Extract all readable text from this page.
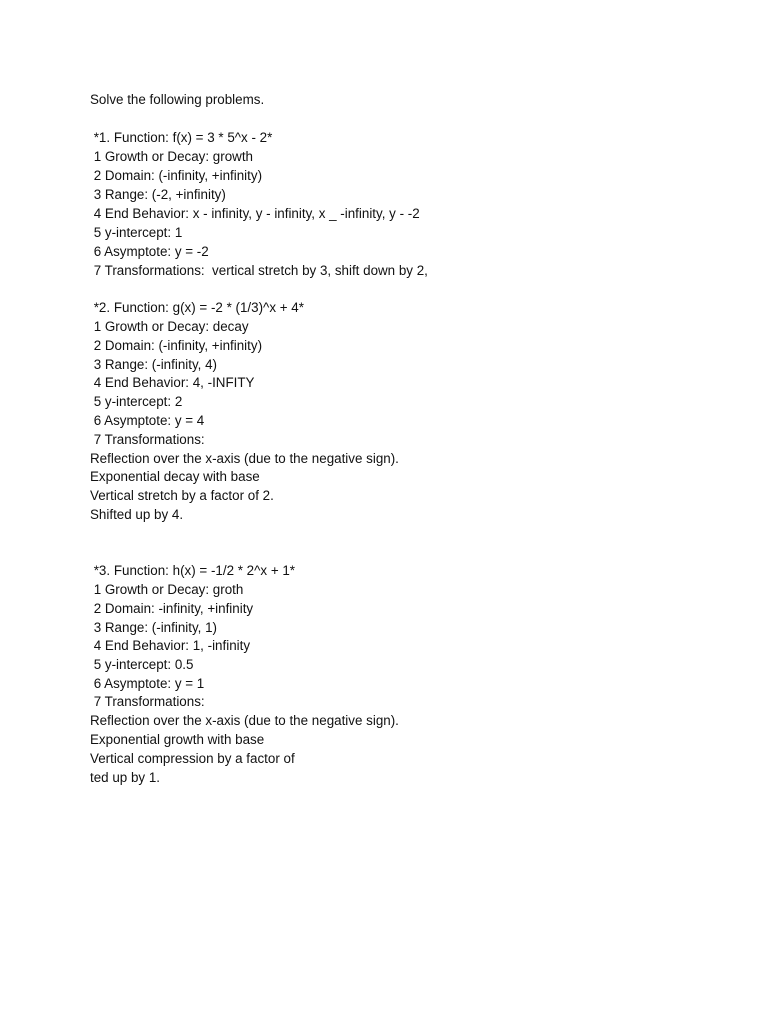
Solve the following problems.
*1. Function: f(x) = 3 * 5^x - 2*
1 Growth or Decay: growth
2 Domain: (-infinity, +infinity)
3 Range: (-2, +infinity)
4 End Behavior: x - infinity, y - infinity, x _ -infinity, y - -2
5 y-intercept: 1
6 Asymptote: y = -2
7 Transformations:  vertical stretch by 3, shift down by 2,
*2. Function: g(x) = -2 * (1/3)^x + 4*
1 Growth or Decay: decay
2 Domain: (-infinity, +infinity)
3 Range: (-infinity, 4)
4 End Behavior: 4, -INFITY
5 y-intercept: 2
6 Asymptote: y = 4
7 Transformations:
Reflection over the x-axis (due to the negative sign).
Exponential decay with base
Vertical stretch by a factor of 2.
Shifted up by 4.
*3. Function: h(x) = -1/2 * 2^x + 1*
1 Growth or Decay: groth
2 Domain: -infinity, +infinity
3 Range: (-infinity, 1)
4 End Behavior: 1, -infinity
5 y-intercept: 0.5
6 Asymptote: y = 1
7 Transformations:
Reflection over the x-axis (due to the negative sign).
Exponential growth with base
Vertical compression by a factor of
ted up by 1.
